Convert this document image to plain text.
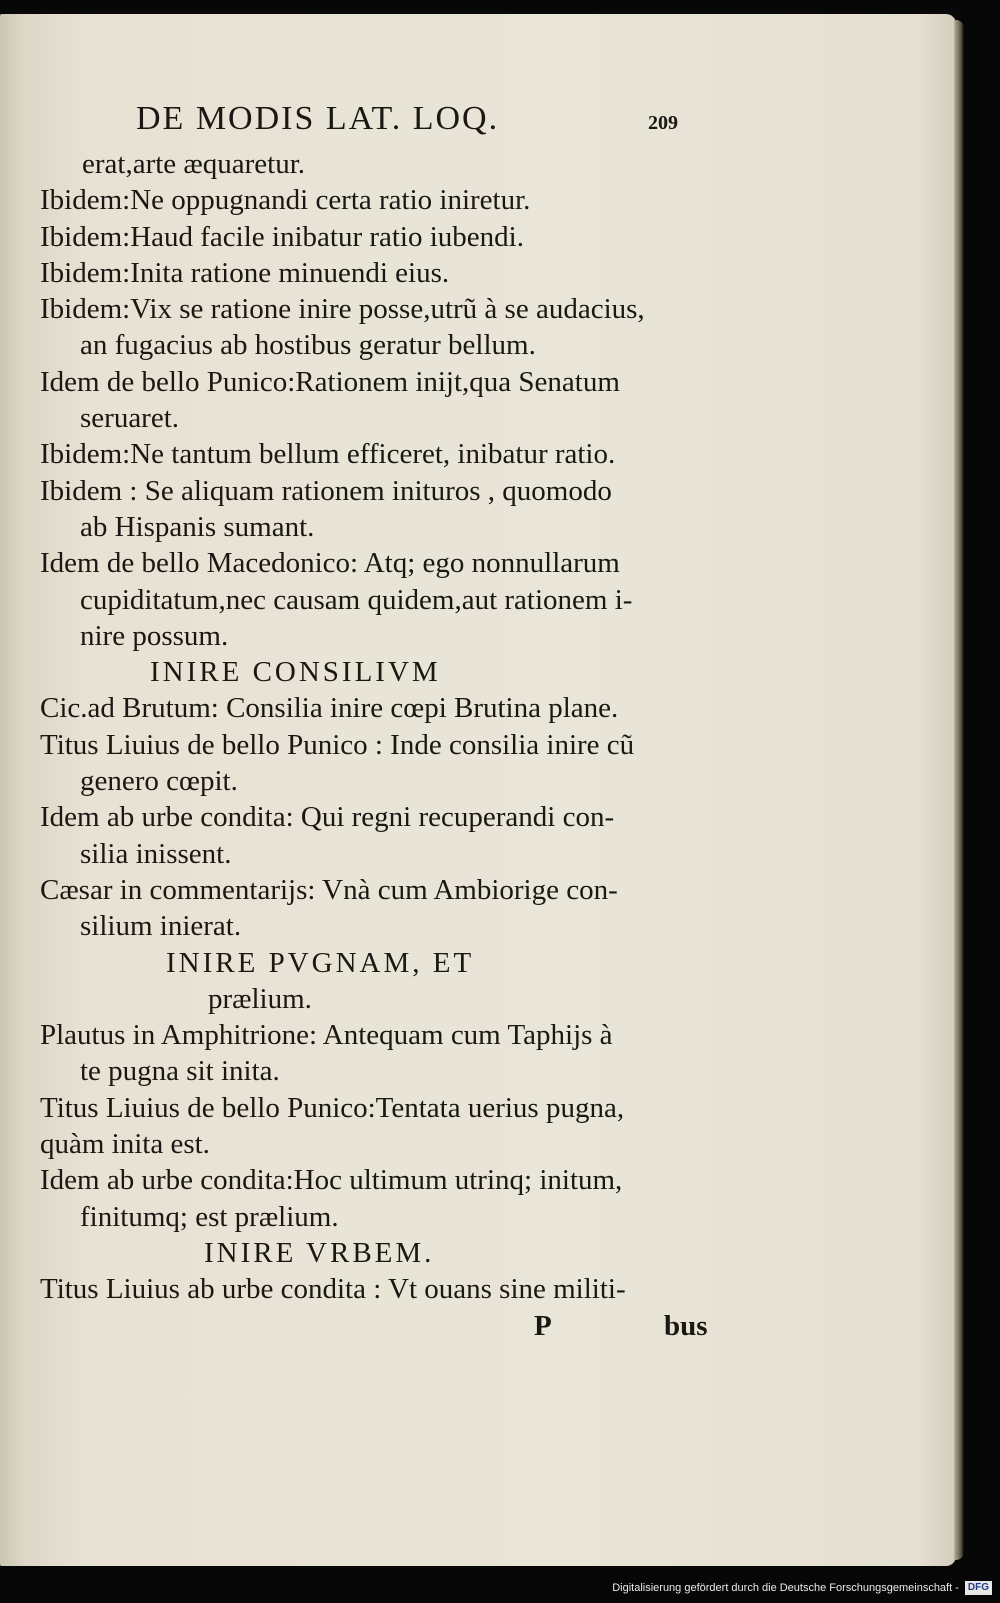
DE MODIS LAT. LOQ.	209
erat,arte æquaretur.
Ibidem:Ne oppugnandi certa ratio iniretur.
Ibidem:Haud facile inibatur ratio iubendi.
Ibidem:Inita ratione minuendi eius.
Ibidem:Vix se ratione inire posse,utrũ à se audacius,
an fugacius ab hostibus geratur bellum.
Idem de bello Punico:Rationem inijt,qua Senatum
seruaret.
Ibidem:Ne tantum bellum efficeret, inibatur ratio.
Ibidem : Se aliquam rationem inituros , quomodo
ab Hispanis sumant.
Idem de bello Macedonico: Atq; ego nonnullarum
cupiditatum,nec causam quidem,aut rationem i-
nire possum.
INIRE CONSILIVM
Cic.ad Brutum: Consilia inire cœpi Brutina plane.
Titus Liuius de bello Punico : Inde consilia inire cũ
genero cœpit.
Idem ab urbe condita: Qui regni recuperandi con-
silia inissent.
Cæsar in commentarijs: Vnà cum Ambiorige con-
silium inierat.
INIRE PVGNAM, ET
prælium.
Plautus in Amphitrione: Antequam cum Taphijs à
te pugna sit inita.
Titus Liuius de bello Punico:Tentata uerius pugna,
quàm inita est.
Idem ab urbe condita:Hoc ultimum utrinq; initum,
finitumq; est prælium.
INIRE VRBEM.
Titus Liuius ab urbe condita : Vt ouans sine militi-
P	bus
Digitalisierung gefördert durch die Deutsche Forschungsgemeinschaft - DFG
